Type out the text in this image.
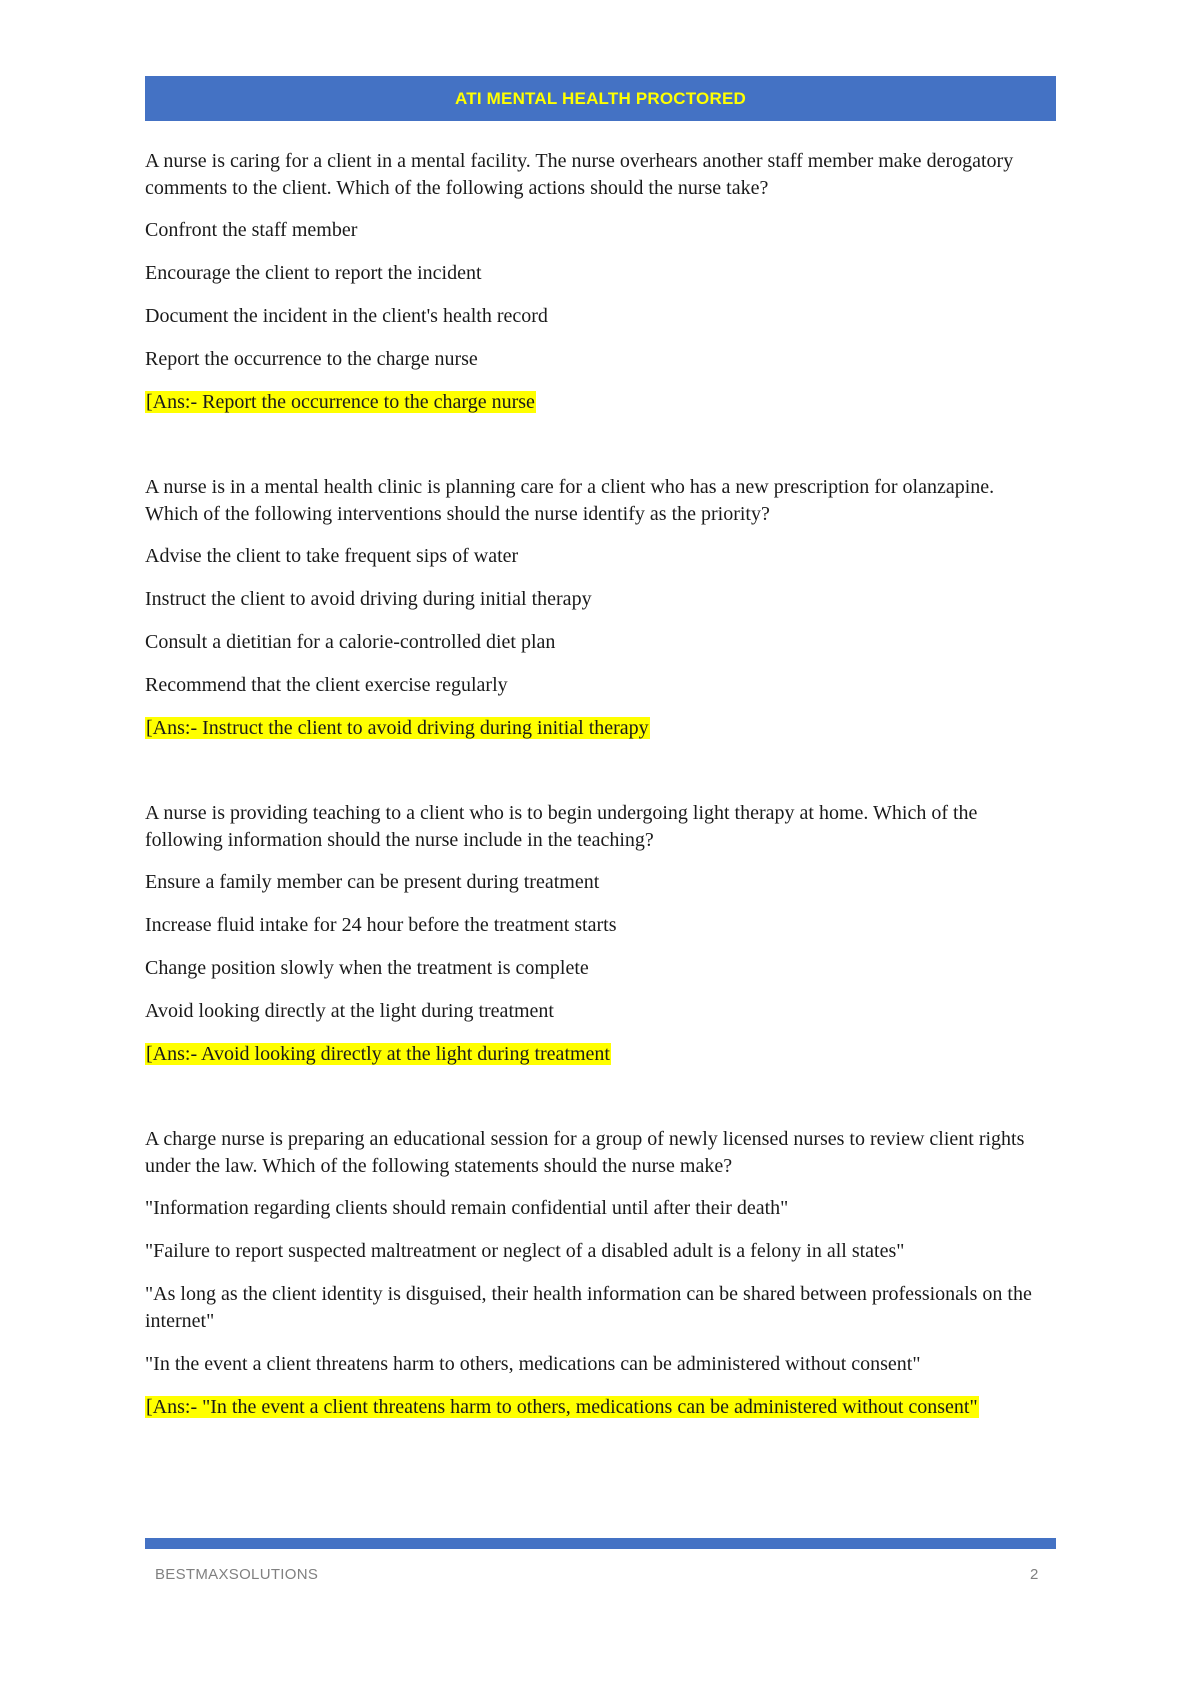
ATI MENTAL HEALTH PROCTORED

A nurse is caring for a client in a mental facility. The nurse overhears another staff member make derogatory comments to the client. Which of the following actions should the nurse take?

Confront the staff member

Encourage the client to report the incident

Document the incident in the client's health record

Report the occurrence to the charge nurse

[Ans:- Report the occurrence to the charge nurse

A nurse is in a mental health clinic is planning care for a client who has a new prescription for olanzapine. Which of the following interventions should the nurse identify as the priority?

Advise the client to take frequent sips of water

Instruct the client to avoid driving during initial therapy

Consult a dietitian for a calorie-controlled diet plan

Recommend that the client exercise regularly

[Ans:- Instruct the client to avoid driving during initial therapy

A nurse is providing teaching to a client who is to begin undergoing light therapy at home. Which of the following information should the nurse include in the teaching?

Ensure a family member can be present during treatment

Increase fluid intake for 24 hour before the treatment starts

Change position slowly when the treatment is complete

Avoid looking directly at the light during treatment

[Ans:- Avoid looking directly at the light during treatment

A charge nurse is preparing an educational session for a group of newly licensed nurses to review client rights under the law. Which of the following statements should the nurse make?

"Information regarding clients should remain confidential until after their death"

"Failure to report suspected maltreatment or neglect of a disabled adult is a felony in all states"

"As long as the client identity is disguised, their health information can be shared between professionals on the internet"

"In the event a client threatens harm to others, medications can be administered without consent"

[Ans:- "In the event a client threatens harm to others, medications can be administered without consent"

BESTMAXSOLUTIONS	2
